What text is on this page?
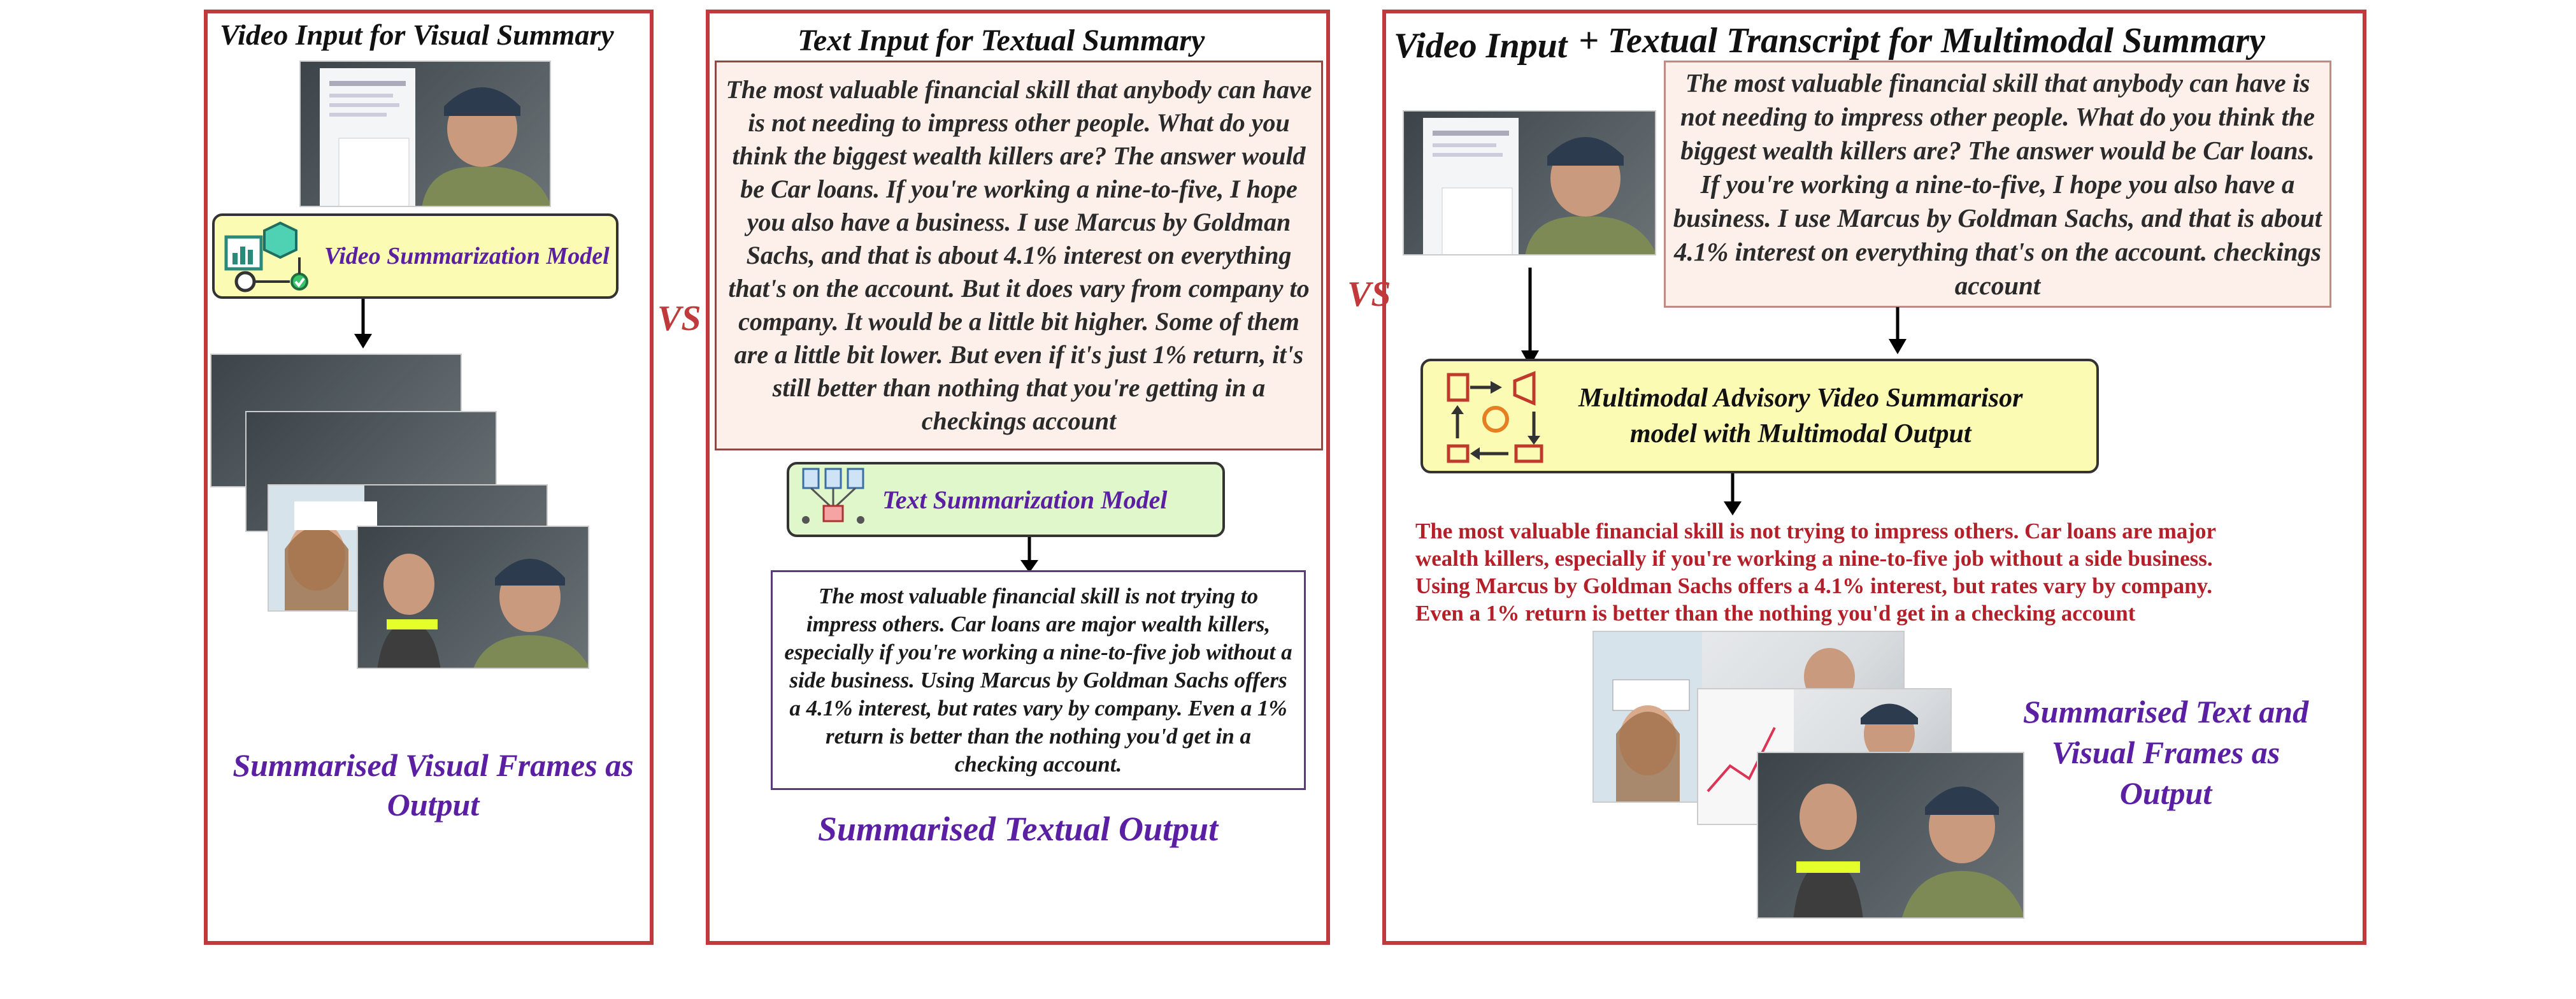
Video Input for Visual Summary
Video Summarization Model
Summarised Visual Frames as Output
VS
Text Input for Textual Summary
The most valuable financial skill that anybody can have is not needing to impress other people. What do you think the biggest wealth killers are? The answer would be Car loans. If you're working a nine-to-five, I hope you also have a business. I use Marcus by Goldman Sachs, and that is about 4.1% interest on everything that's on the account. But it does vary from company to company. It would be a little bit higher. Some of them are a little bit lower. But even if it's just 1% return, it's still better than nothing that you're getting in a checkings account
Text Summarization Model
The most valuable financial skill is not trying to impress others. Car loans are major wealth killers, especially if you're working a nine-to-five job without a side business. Using Marcus by Goldman Sachs offers a 4.1% interest, but rates vary by company. Even a 1% return is better than the nothing you'd get in a checking account.
Summarised Textual Output
VS
Video Input + Textual Transcript for Multimodal Summary
The most valuable financial skill that anybody can have is not needing to impress other people. What do you think the biggest wealth killers are? The answer would be Car loans. If you're working a nine-to-five, I hope you also have a business. I use Marcus by Goldman Sachs, and that is about 4.1% interest on everything that's on the account. checkings account
Multimodal Advisory Video Summarisor
model with Multimodal Output
The most valuable financial skill is not trying to impress others. Car loans are major wealth killers, especially if you're working a nine-to-five job without a side business. Using Marcus by Goldman Sachs offers a 4.1% interest, but rates vary by company. Even a 1% return is better than the nothing you'd get in a checking account
Summarised Text and Visual Frames as Output
